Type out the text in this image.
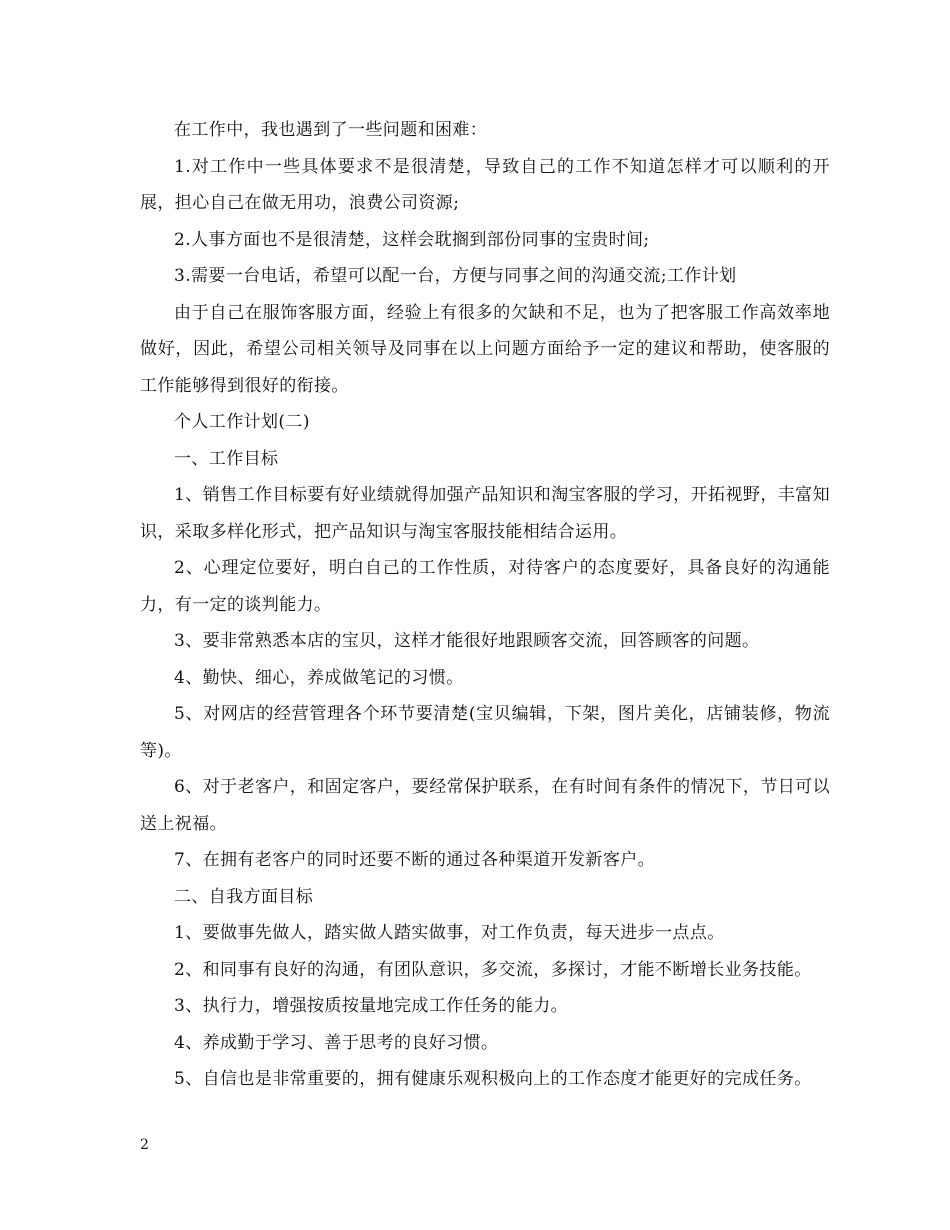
在工作中，我也遇到了一些问题和困难：

1.对工作中一些具体要求不是很清楚，导致自己的工作不知道怎样才可以顺利的开展，担心自己在做无用功，浪费公司资源;

2.人事方面也不是很清楚，这样会耽搁到部份同事的宝贵时间;

3.需要一台电话，希望可以配一台，方便与同事之间的沟通交流;工作计划

由于自己在服饰客服方面，经验上有很多的欠缺和不足，也为了把客服工作高效率地做好，因此，希望公司相关领导及同事在以上问题方面给予一定的建议和帮助，使客服的工作能够得到很好的衔接。

个人工作计划(二)

一、工作目标

1、销售工作目标要有好业绩就得加强产品知识和淘宝客服的学习，开拓视野，丰富知识，采取多样化形式，把产品知识与淘宝客服技能相结合运用。

2、心理定位要好，明白自己的工作性质，对待客户的态度要好，具备良好的沟通能力，有一定的谈判能力。

3、要非常熟悉本店的宝贝，这样才能很好地跟顾客交流，回答顾客的问题。

4、勤快、细心，养成做笔记的习惯。

5、对网店的经营管理各个环节要清楚(宝贝编辑，下架，图片美化，店铺装修，物流等)。

6、对于老客户，和固定客户，要经常保护联系，在有时间有条件的情况下，节日可以送上祝福。

7、在拥有老客户的同时还要不断的通过各种渠道开发新客户。

二、自我方面目标

1、要做事先做人，踏实做人踏实做事，对工作负责，每天进步一点点。

2、和同事有良好的沟通，有团队意识，多交流，多探讨，才能不断增长业务技能。

3、执行力，增强按质按量地完成工作任务的能力。

4、养成勤于学习、善于思考的良好习惯。

5、自信也是非常重要的，拥有健康乐观积极向上的工作态度才能更好的完成任务。

2
